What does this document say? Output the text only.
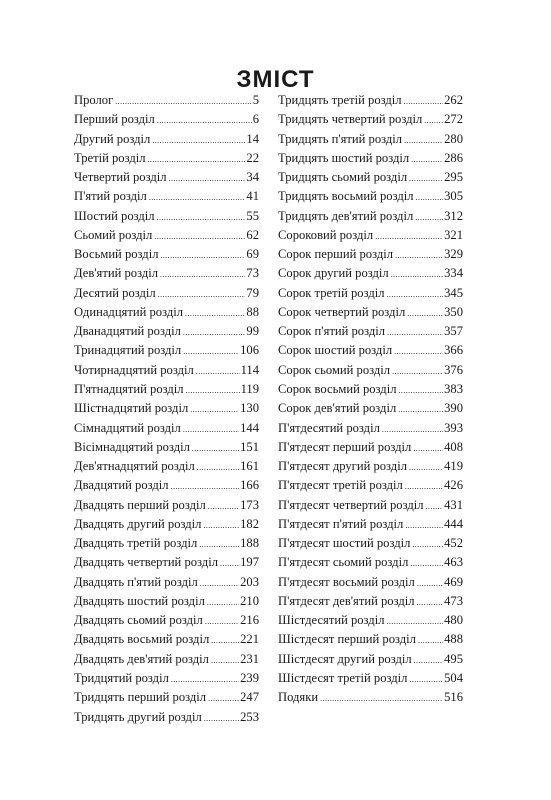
ЗМІСТ
Пролог .....	5
Перший розділ .....	6
Другий розділ .....	14
Третій розділ .....	22
Четвертий розділ .....	34
П'ятий розділ .....	41
Шостий розділ .....	55
Сьомий розділ .....	62
Восьмий розділ .....	69
Дев'ятий розділ .....	73
Десятий розділ .....	79
Одинадцятий розділ .....	88
Дванадцятий розділ .....	99
Тринадцятий розділ .....	106
Чотирнадцятий розділ .....	114
П'ятнадцятий розділ .....	119
Шістнадцятий розділ .....	130
Сімнадцятий розділ .....	144
Вісімнадцятий розділ .....	151
Дев'ятнадцятий розділ .....	161
Двадцятий розділ .....	166
Двадцять перший розділ .....	173
Двадцять другий розділ .....	182
Двадцять третій розділ .....	188
Двадцять четвертий розділ ..... 197
Двадцять п'ятий розділ .....	203
Двадцять шостий розділ .....	210
Двадцять сьомий розділ .....	216
Двадцять восьмий розділ ..... 221
Двадцять дев'ятий розділ ..... 231
Тридцятий розділ .....	239
Тридцять перший розділ .....	247
Тридцять другий розділ .....	253
Тридцять третій розділ .....	262
Тридцять четвертий розділ ..... 272
Тридцять п'ятий розділ .....	280
Тридцять шостий розділ .....	286
Тридцять сьомий розділ .....	295
Тридцять восьмий розділ ..... 305
Тридцять дев'ятий розділ ..... 312
Сороковий розділ .....	321
Сорок перший розділ .....	329
Сорок другий розділ .....	334
Сорок третій розділ .....	345
Сорок четвертий розділ .....	350
Сорок п'ятий розділ .....	357
Сорок шостий розділ .....	366
Сорок сьомий розділ .....	376
Сорок восьмий розділ .....	383
Сорок дев'ятий розділ .....	390
П'ятдесятий розділ .....	393
П'ятдесят перший розділ .....	408
П'ятдесят другий розділ .....	419
П'ятдесят третій розділ .....	426
П'ятдесят четвертий розділ ..... 431
П'ятдесят п'ятий розділ .....	444
П'ятдесят шостий розділ .....	452
П'ятдесят сьомий розділ .....	463
П'ятдесят восьмий розділ ..... 469
П'ятдесят дев'ятий розділ ..... 473
Шістдесятий розділ .....	480
Шістдесят перший розділ ..... 488
Шістдесят другий розділ .....	495
Шістдесят третій розділ .....	504
Подяки .....	516
